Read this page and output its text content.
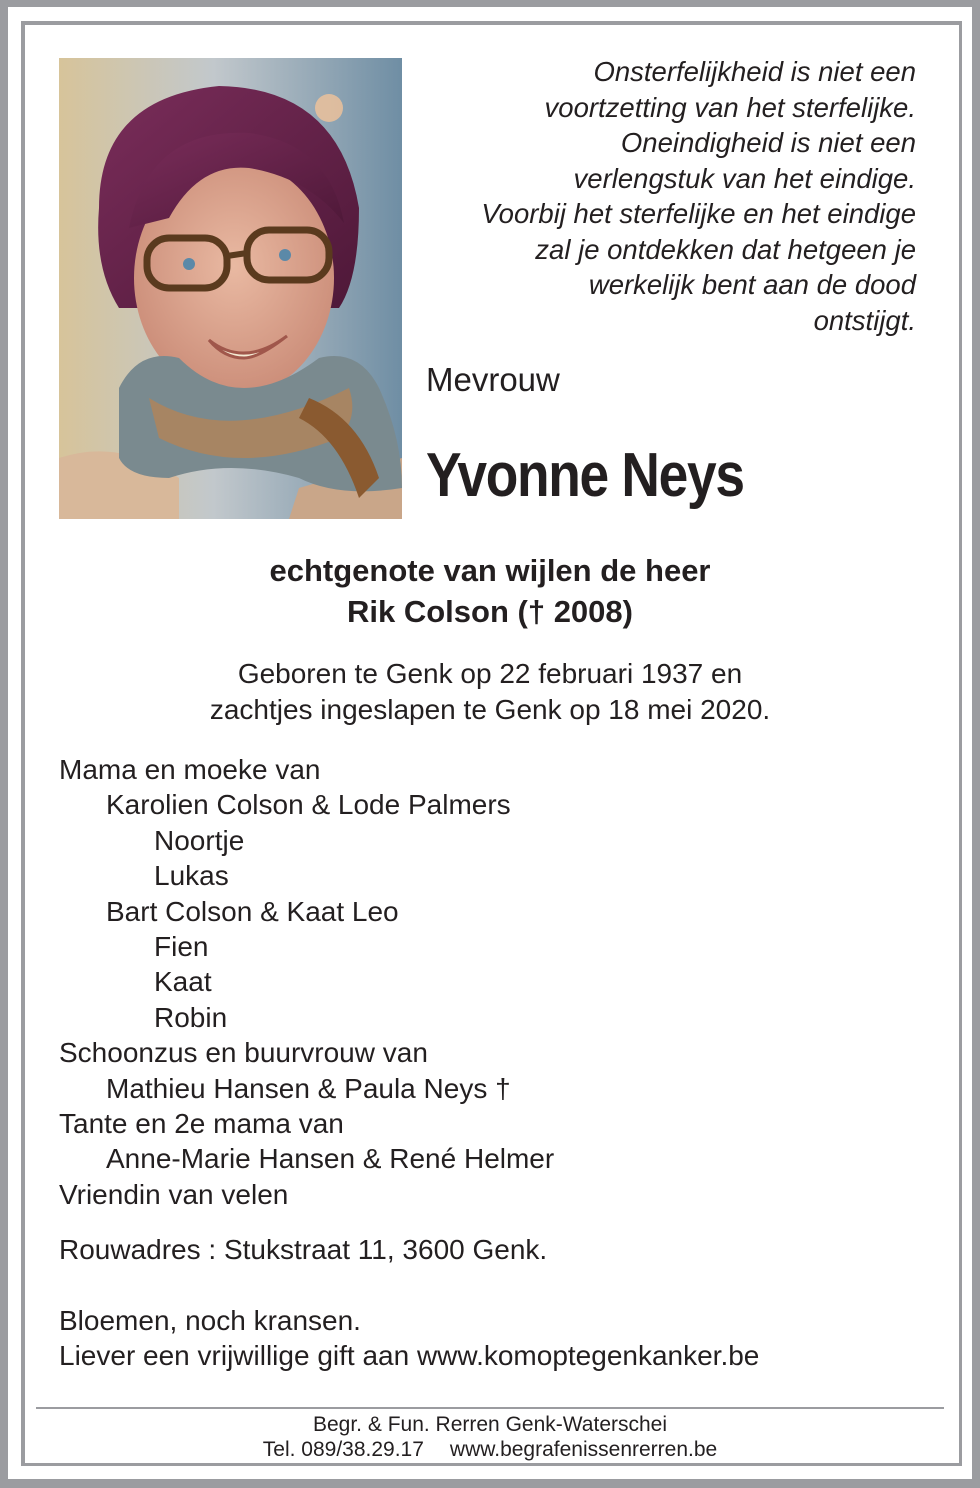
Onsterfelijkheid is niet een
voortzetting van het sterfelijke.
Oneindigheid is niet een
verlengstuk van het eindige.
Voorbij het sterfelijke en het eindige
zal je ontdekken dat hetgeen je
werkelijk bent aan de dood
ontstijgt.
Mevrouw
Yvonne Neys
echtgenote van wijlen de heer
Rik Colson († 2008)
Geboren te Genk op 22 februari 1937 en
zachtjes ingeslapen te Genk op 18 mei 2020.
Mama en moeke van
Karolien Colson & Lode Palmers
Noortje
Lukas
Bart Colson & Kaat Leo
Fien
Kaat
Robin
Schoonzus en buurvrouw van
Mathieu Hansen & Paula Neys †
Tante en 2e mama van
Anne-Marie Hansen & René Helmer
Vriendin van velen
Rouwadres : Stukstraat 11, 3600 Genk.
Bloemen, noch kransen.
Liever een vrijwillige gift aan www.komoptegenkanker.be
Begr. & Fun. Rerren Genk-Waterschei
Tel. 089/38.29.17 www.begrafenissenrerren.be
